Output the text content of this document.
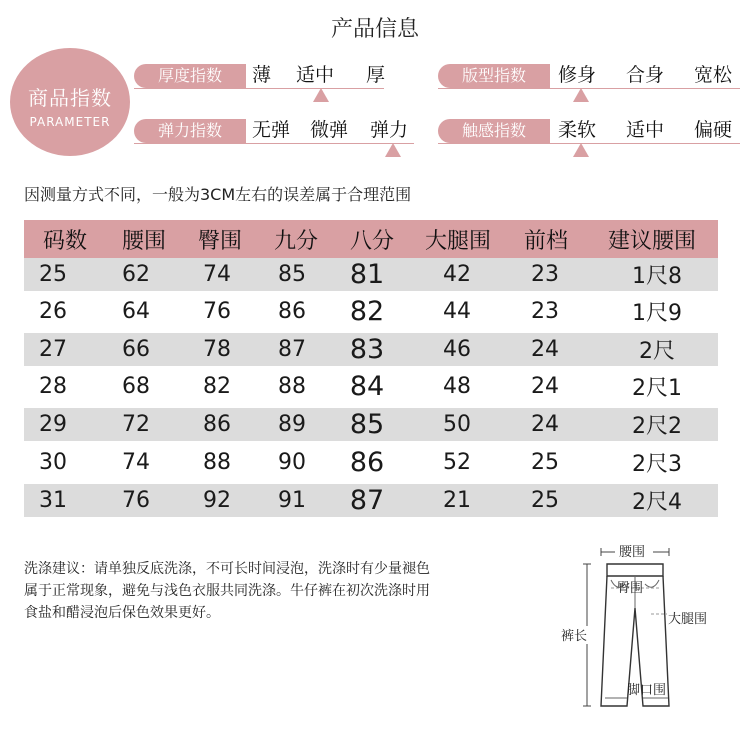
产品信息
商品指数
PARAMETER
厚度指数	薄 适中 厚	版型指数	修身 合身 宽松
弹力指数	无弹 微弹 弹力	触感指数	柔软 适中 偏硬
因测量方式不同，一般为3CM左右的误差属于合理范围
码数	腰围	臀围	九分	八分	大腿围	前档	建议腰围
25	62	74	85	81	42	23	1尺8
26	64	76	86	82	44	23	1尺9
27	66	78	87	83	46	24	2尺
28	68	82	88	84	48	24	2尺1
29	72	86	89	85	50	24	2尺2
30	74	88	90	86	52	25	2尺3
31	76	92	91	87	21	25	2尺4
洗涤建议：请单独反底洗涤，不可长时间浸泡，洗涤时有少量褪色
属于正常现象，避免与浅色衣服共同洗涤。牛仔裤在初次洗涤时用
食盐和醋浸泡后保色效果更好。
腰围
臀围
裤长
大腿围
脚口围
